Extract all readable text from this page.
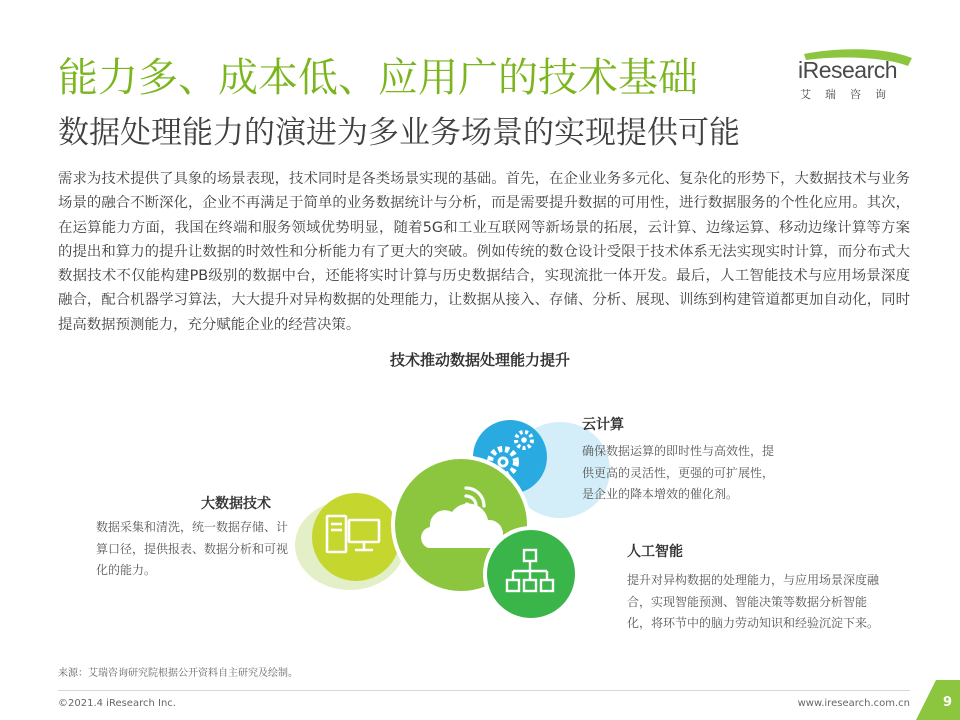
能力多、成本低、应用广的技术基础
数据处理能力的演进为多业务场景的实现提供可能
iResearch
艾瑞咨询

需求为技术提供了具象的场景表现，技术同时是各类场景实现的基础。首先，在企业业务多元化、复杂化的形势下，大数据技术与业务场景的融合不断深化，企业不再满足于简单的业务数据统计与分析，而是需要提升数据的可用性，进行数据服务的个性化应用。其次，在运算能力方面，我国在终端和服务领域优势明显，随着5G和工业互联网等新场景的拓展，云计算、边缘运算、移动边缘计算等方案的提出和算力的提升让数据的时效性和分析能力有了更大的突破。例如传统的数仓设计受限于技术体系无法实现实时计算，而分布式大数据技术不仅能构建PB级别的数据中台，还能将实时计算与历史数据结合，实现流批一体开发。最后，人工智能技术与应用场景深度融合，配合机器学习算法，大大提升对异构数据的处理能力，让数据从接入、存储、分析、展现、训练到构建管道都更加自动化，同时提高数据预测能力，充分赋能企业的经营决策。

技术推动数据处理能力提升
大数据技术

数据采集和清洗，统一数据存储、计算口径，提供报表、数据分析和可视化的能力。

云计算

确保数据运算的即时性与高效性，提供更高的灵活性，更强的可扩展性，是企业的降本增效的催化剂。

人工智能

提升对异构数据的处理能力，与应用场景深度融合，实现智能预测、智能决策等数据分析智能化，将环节中的脑力劳动知识和经验沉淀下来。

来源：艾瑞咨询研究院根据公开资料自主研究及绘制。
©2021.4 iResearch Inc.	www.iresearch.com.cn	9
